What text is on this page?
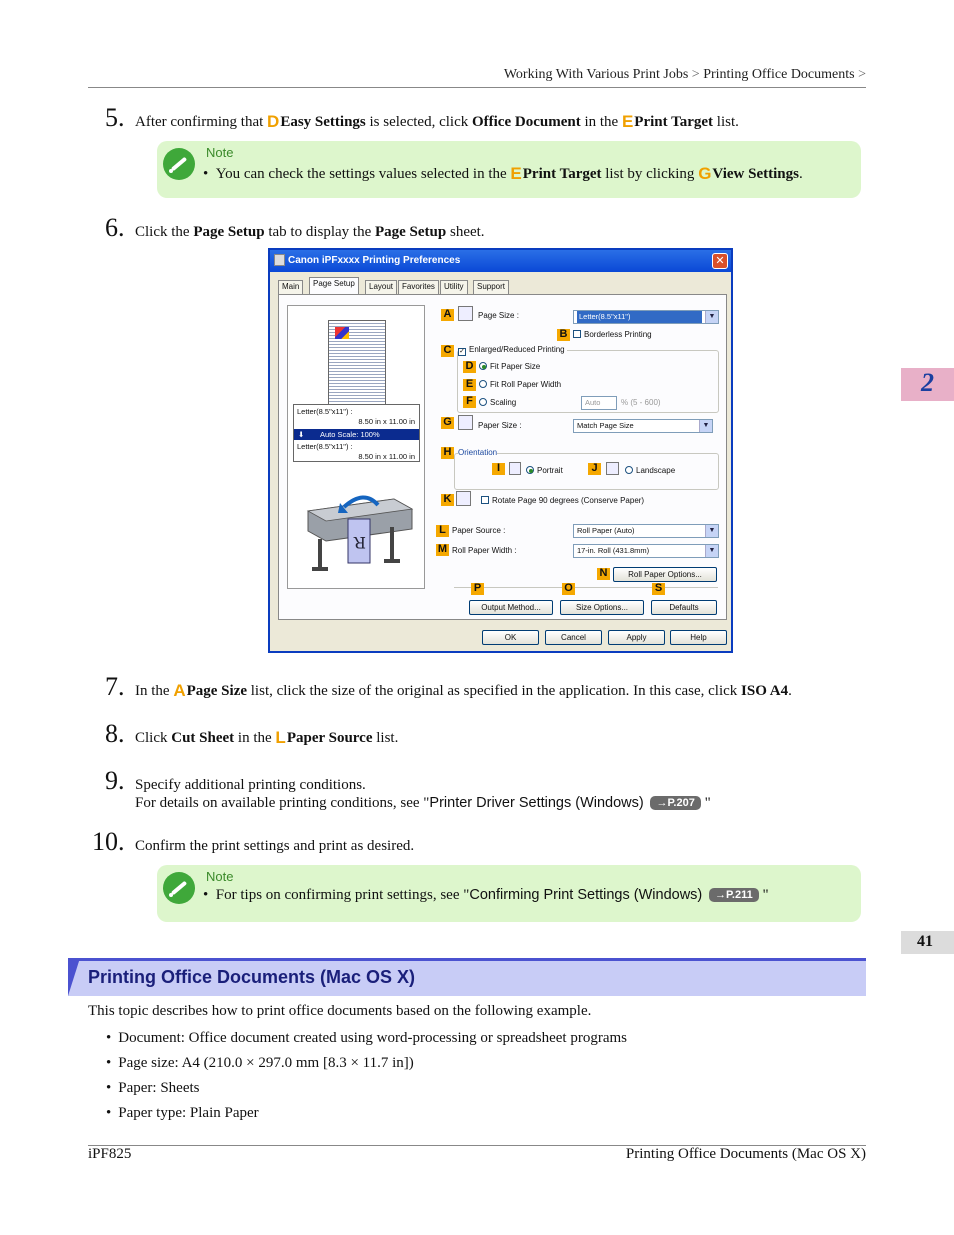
Working With Various Print Jobs > Printing Office Documents >
2
41
5. After confirming that DEasy Settings is selected, click Office Document in the EPrint Target list.
Note
•  You can check the settings values selected in the EPrint Target list by clicking GView Settings.
6. Click the Page Setup tab to display the Page Setup sheet.
Canon iPFxxxx Printing Preferences	✕
Main	Page Setup	Layout	Favorites	Utility	Support
Letter(8.5"x11") :
8.50 in x 11.00 in
⬇ Auto Scale: 100%
Letter(8.5"x11") :
8.50 in x 11.00 in
R
A	Page Size :	Letter(8.5"x11")	▼
B	Borderless Printing
C	✓ Enlarged/Reduced Printing
D	Fit Paper Size
E	Fit Roll Paper Width
F	Scaling	Auto	% (5 - 600)
G	Paper Size :	Match Page Size	▼
H Orientation
I	Portrait	J	Landscape
K	Rotate Page 90 degrees (Conserve Paper)
L Paper Source :	Roll Paper (Auto)	▼
M Roll Paper Width :	17-in. Roll (431.8mm)	▼
N	Roll Paper Options...
P	O	S
Output Method...	Size Options...	Defaults
OK	Cancel	Apply	Help
7. In the APage Size list, click the size of the original as specified in the application. In this case, click ISO A4.
8. Click Cut Sheet in the LPaper Source list.
9. Specify additional printing conditions.
For details on available printing conditions, see "Printer Driver Settings (Windows) →P.207 "
10. Confirm the print settings and print as desired.
Note
•  For tips on confirming print settings, see "Confirming Print Settings (Windows) →P.211 "
Printing Office Documents (Mac OS X)
This topic describes how to print office documents based on the following example.
• Document: Office document created using word-processing or spreadsheet programs
• Page size: A4 (210.0 × 297.0 mm [8.3 × 11.7 in])
• Paper: Sheets
• Paper type: Plain Paper
iPF825	Printing Office Documents (Mac OS X)
